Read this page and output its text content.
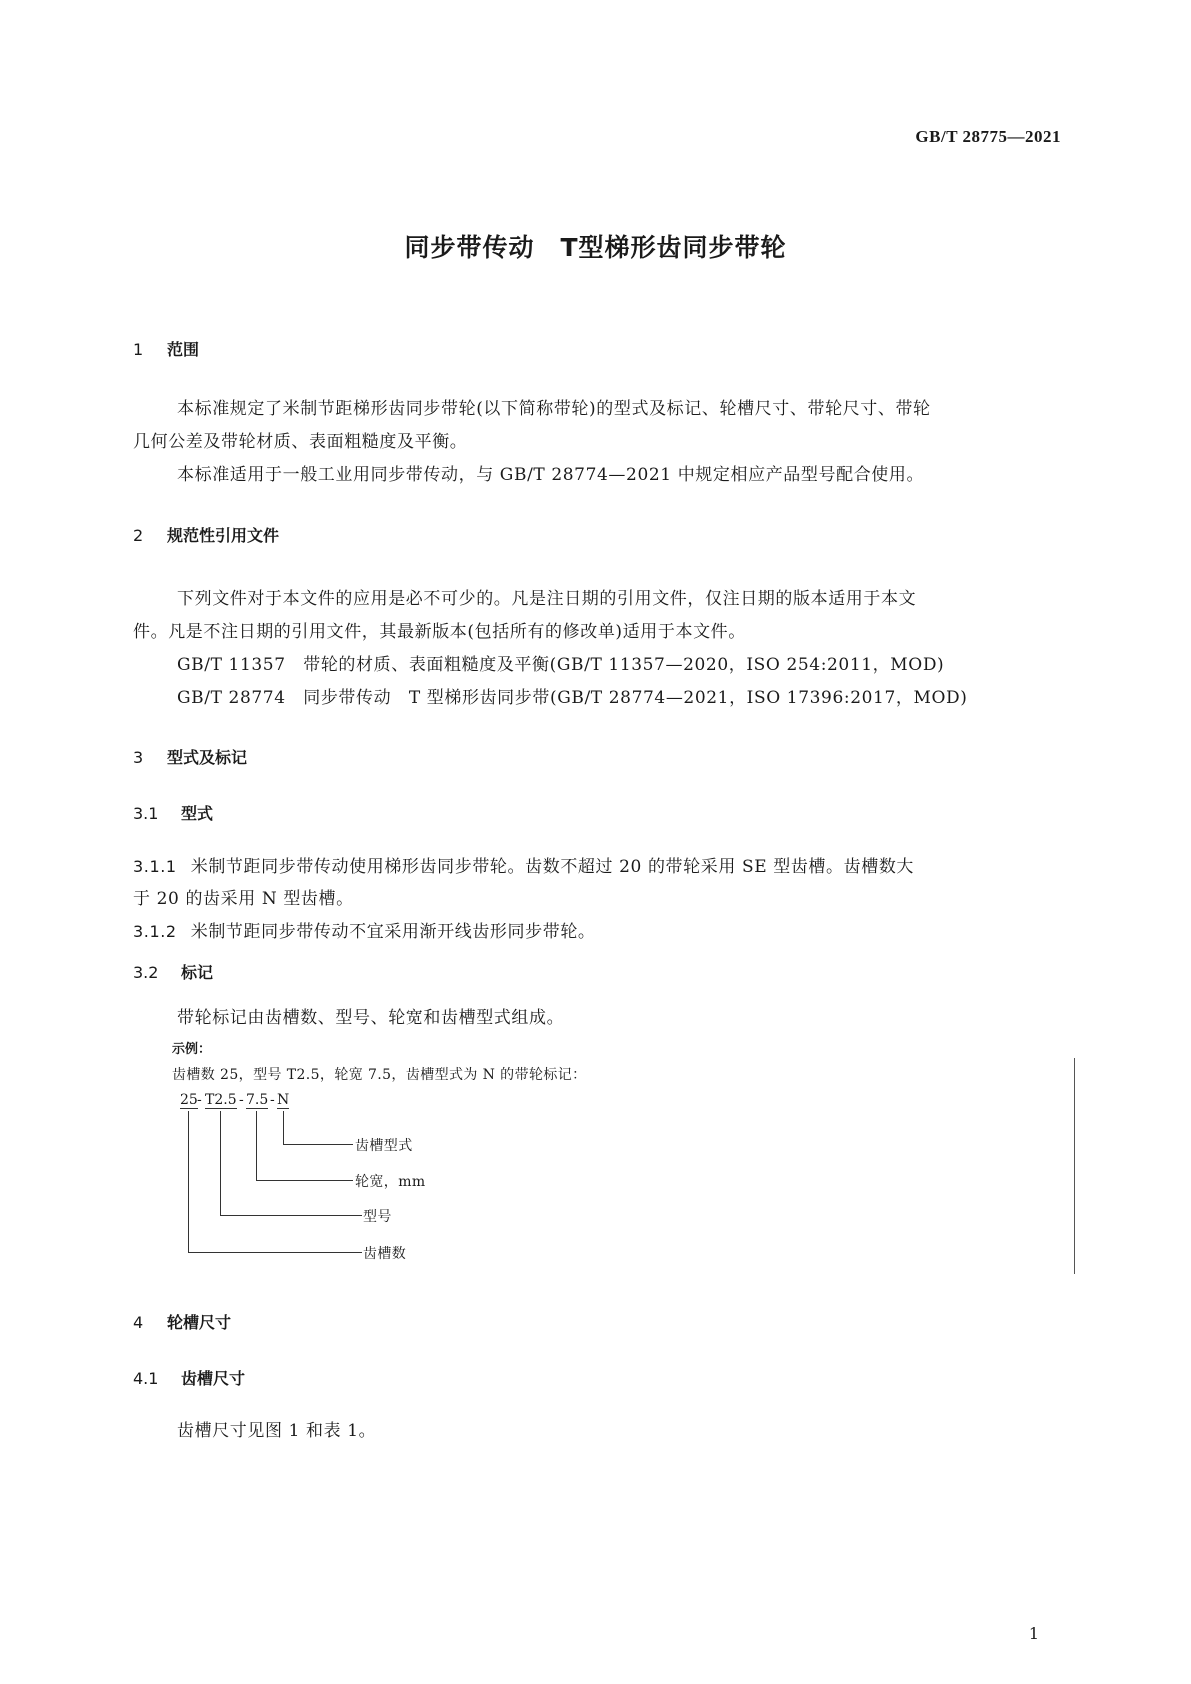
GB/T 28775—2021
同步带传动　T型梯形齿同步带轮
1 范围
本标准规定了米制节距梯形齿同步带轮(以下简称带轮)的型式及标记、轮槽尺寸、带轮尺寸、带轮
几何公差及带轮材质、表面粗糙度及平衡。
本标准适用于一般工业用同步带传动，与 GB/T 28774—2021 中规定相应产品型号配合使用。
2 规范性引用文件
下列文件对于本文件的应用是必不可少的。凡是注日期的引用文件，仅注日期的版本适用于本文
件。凡是不注日期的引用文件，其最新版本(包括所有的修改单)适用于本文件。
GB/T 11357　带轮的材质、表面粗糙度及平衡(GB/T 11357—2020，ISO 254:2011，MOD)
GB/T 28774　同步带传动　T 型梯形齿同步带(GB/T 28774—2021，ISO 17396:2017，MOD)
3 型式及标记
3.1 型式
3.1.1 米制节距同步带传动使用梯形齿同步带轮。齿数不超过 20 的带轮采用 SE 型齿槽。齿槽数大
于 20 的齿采用 N 型齿槽。
3.1.2 米制节距同步带传动不宜采用渐开线齿形同步带轮。
3.2 标记
带轮标记由齿槽数、型号、轮宽和齿槽型式组成。
示例：
齿槽数 25，型号 T2.5，轮宽 7.5，齿槽型式为 N 的带轮标记：
25 - T2.5 - 7.5 - N
齿槽型式
轮宽，mm
型号
齿槽数
4 轮槽尺寸
4.1 齿槽尺寸
齿槽尺寸见图 1 和表 1。
1
